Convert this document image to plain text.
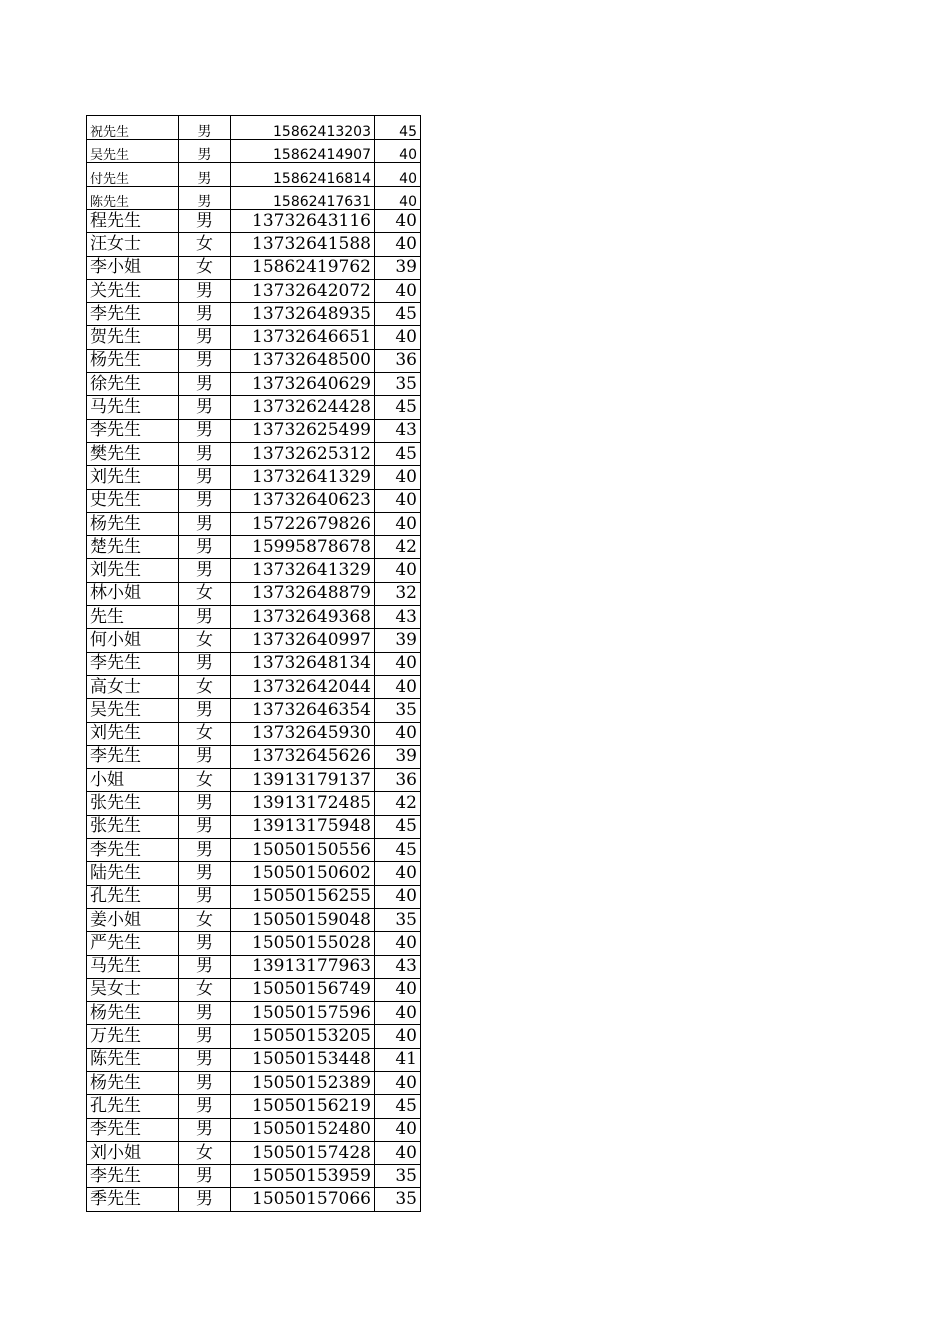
祝先生	男	15862413203	45
吴先生	男	15862414907	40
付先生	男	15862416814	40
陈先生	男	15862417631	40
程先生	男	13732643116	40
汪女士	女	13732641588	40
李小姐	女	15862419762	39
关先生	男	13732642072	40
李先生	男	13732648935	45
贺先生	男	13732646651	40
杨先生	男	13732648500	36
徐先生	男	13732640629	35
马先生	男	13732624428	45
李先生	男	13732625499	43
樊先生	男	13732625312	45
刘先生	男	13732641329	40
史先生	男	13732640623	40
杨先生	男	15722679826	40
楚先生	男	15995878678	42
刘先生	男	13732641329	40
林小姐	女	13732648879	32
先生	男	13732649368	43
何小姐	女	13732640997	39
李先生	男	13732648134	40
高女士	女	13732642044	40
吴先生	男	13732646354	35
刘先生	女	13732645930	40
李先生	男	13732645626	39
小姐	女	13913179137	36
张先生	男	13913172485	42
张先生	男	13913175948	45
李先生	男	15050150556	45
陆先生	男	15050150602	40
孔先生	男	15050156255	40
姜小姐	女	15050159048	35
严先生	男	15050155028	40
马先生	男	13913177963	43
吴女士	女	15050156749	40
杨先生	男	15050157596	40
万先生	男	15050153205	40
陈先生	男	15050153448	41
杨先生	男	15050152389	40
孔先生	男	15050156219	45
李先生	男	15050152480	40
刘小姐	女	15050157428	40
李先生	男	15050153959	35
季先生	男	15050157066	35
